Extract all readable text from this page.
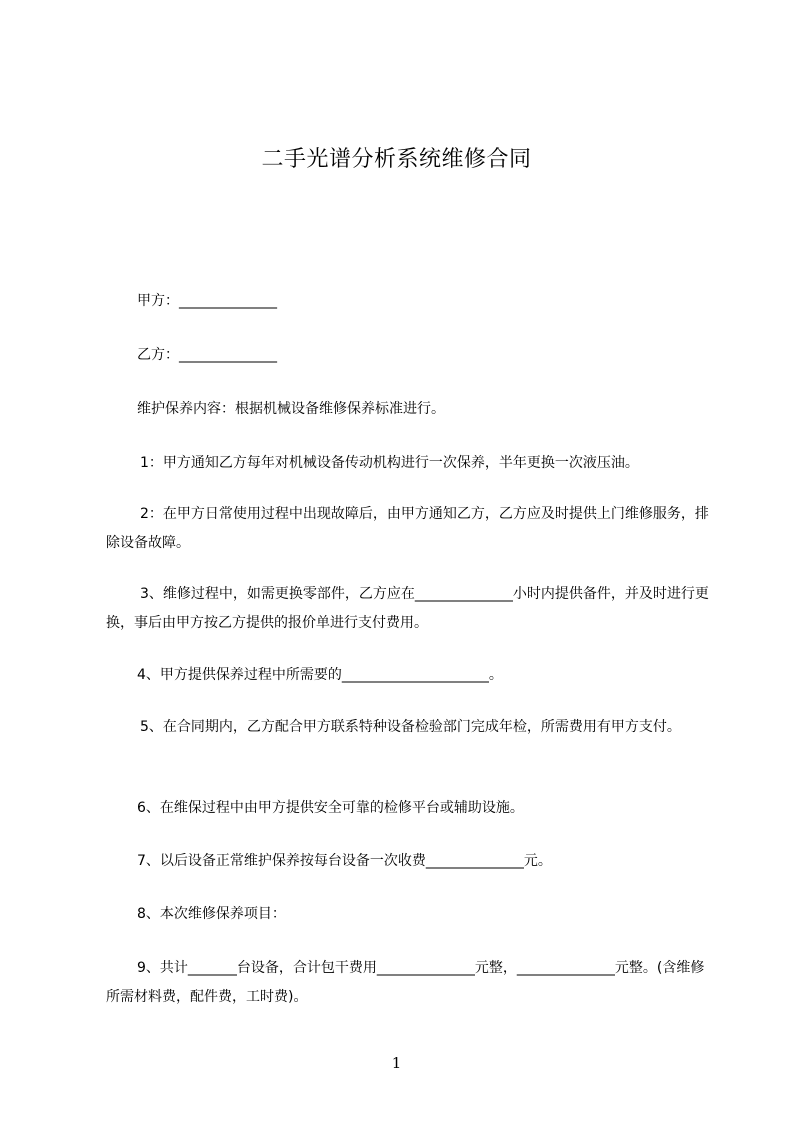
二手光谱分析系统维修合同
甲方：______________
乙方：______________
维护保养内容：根据机械设备维修保养标准进行。
1：甲方通知乙方每年对机械设备传动机构进行一次保养，半年更换一次液压油。
2：在甲方日常使用过程中出现故障后，由甲方通知乙方，乙方应及时提供上门维修服务，排除设备故障。
3、维修过程中，如需更换零部件，乙方应在______________小时内提供备件，并及时进行更换，事后由甲方按乙方提供的报价单进行支付费用。
4、甲方提供保养过程中所需要的_____________________。
5、在合同期内，乙方配合甲方联系特种设备检验部门完成年检，所需费用有甲方支付。
6、在维保过程中由甲方提供安全可靠的检修平台或辅助设施。
7、以后设备正常维护保养按每台设备一次收费______________元。
8、本次维修保养项目：
9、共计_______台设备，合计包干费用______________元整，______________元整。(含维修所需材料费，配件费，工时费)。
1
